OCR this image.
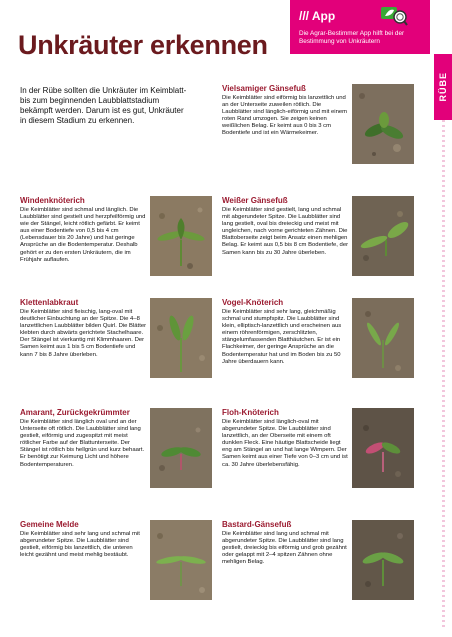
Unkräuter erkennen
/// App
Die Agrar-Bestimmer App hilft bei der Bestimmung von Unkräutern
RÜBE
In der Rübe sollten die Unkräuter im Keimblatt- bis zum beginnenden Laubblattstadium bekämpft werden. Darum ist es gut, Unkräuter in diesem Stadium zu erkennen.
Vielsamiger Gänsefuß

Die Keimblätter sind eiförmig bis lanzettlich und an der Unterseite zuweilen rötlich. Die Laubblätter sind länglich-eiförmig und mit einem roten Rand umzogen. Sie zeigen keinen weißlichen Belag. Er keimt aus 0 bis 3 cm Bodentiefe und ist ein Wärmekeimer.

Windenknöterich

Die Keimblätter sind schmal und länglich. Die Laubblätter sind gestielt und herzpfeilförmig und wie der Stängel, leicht rötlich gefärbt. Er keimt aus einer Bodentiefe von 0,5 bis 4 cm (Lebensdauer bis 20 Jahre) und hat geringe Ansprüche an die Bodentemperatur. Deshalb gehört er zu den ersten Unkräutern, die im Frühjahr auflaufen.

Weißer Gänsefuß

Die Keimblätter sind gestielt, lang und schmal mit abgerundeter Spitze. Die Laubblätter sind lang gestielt, oval bis dreieckig und meist mit ungleichen, nach vorne gerichteten Zähnen. Die Blattoberseite zeigt beim Ansatz einen mehligen Belag. Er keimt aus 0,5 bis 8 cm Bodentiefe, der Samen kann bis zu 30 Jahre überleben.

Klettenlabkraut

Die Keimblätter sind fleischig, lang-oval mit deutlicher Einbuchtung an der Spitze. Die 4–8 lanzettlichen Laubblätter bilden Quirl. Die Blätter klebten durch abwärts gerichtete Stachelhaare. Der Stängel ist vierkantig mit Klimmhaaren. Der Samen keimt aus 1 bis 5 cm Bodentiefe und kann 7 bis 8 Jahre überleben.

Vogel-Knöterich

Die Keimblätter sind sehr lang, gleichmäßig schmal und stumpfspitz. Die Laubblätter sind klein, elliptisch-lanzettlich und erscheinen aus einem röhrenförmigen, zerschlitzten, stängelumfassenden Blatthäutchen. Er ist ein Flachkeimer, der geringe Ansprüche an die Bodentemperatur hat und im Boden bis zu 50 Jahre überdauern kann.

Amarant, Zurückgekrümmter

Die Keimblätter sind länglich oval und an der Unterseite oft rötlich. Die Laubblätter sind lang gestielt, eiförmig und zugespitzt mit meist rötlicher Farbe auf der Blattunterseite. Der Stängel ist rötlich bis hellgrün und kurz behaart. Er benötigt zur Keimung Licht und höhere Bodentemperaturen.

Floh-Knöterich

Die Keimblätter sind länglich-oval mit abgerundeter Spitze. Die Laubblätter sind lanzettlich, an der Oberseite mit einem oft dunklen Fleck. Eine häutige Blattscheide liegt eng am Stängel an und hat lange Wimpern. Der Samen keimt aus einer Tiefe von 0–3 cm und ist ca. 30 Jahre überlebensfähig.

Gemeine Melde

Die Keimblätter sind sehr lang und schmal mit abgerundeter Spitze. Die Laubblätter sind gestielt, eiförmig bis lanzettlich, die unteren leicht gezähnt und meist mehlig bestäubt.

Bastard-Gänsefuß

Die Keimblätter sind lang und schmal mit abgerundeter Spitze. Die Laubblätter sind lang gestielt, dreieckig bis eiförmig und grob gezähnt oder gelappt mit 2–4 spitzen Zähnen ohne mehligen Belag.
